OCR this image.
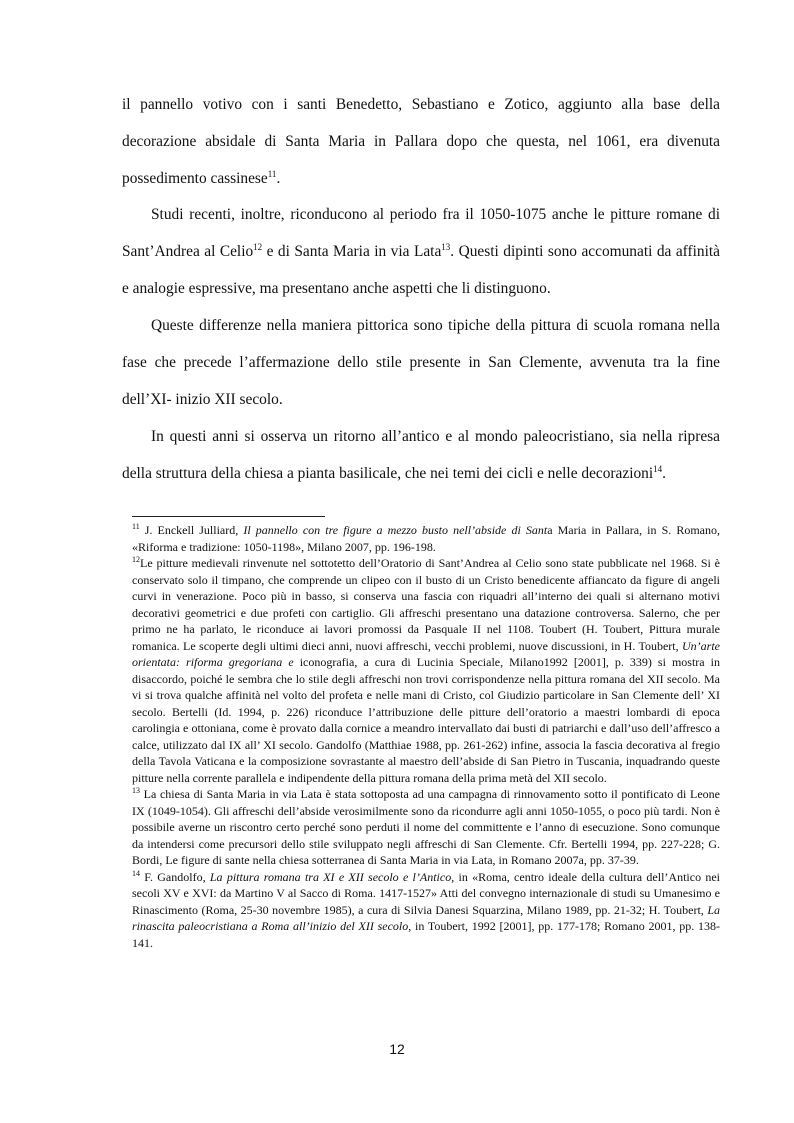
il pannello votivo con i santi Benedetto, Sebastiano e Zotico, aggiunto alla base della decorazione absidale di Santa Maria in Pallara dopo che questa, nel 1061, era divenuta possedimento cassinese$^{11}$.

Studi recenti, inoltre, riconducono al periodo fra il 1050-1075 anche le pitture romane di Sant’Andrea al Celio$^{12}$ e di Santa Maria in via Lata$^{13}$. Questi dipinti sono accomunati da affinità e analogie espressive, ma presentano anche aspetti che li distinguono.

Queste differenze nella maniera pittorica sono tipiche della pittura di scuola romana nella fase che precede l’affermazione dello stile presente in San Clemente, avvenuta tra la fine dell’XI- inizio XII secolo.

In questi anni si osserva un ritorno all’antico e al mondo paleocristiano, sia nella ripresa della struttura della chiesa a pianta basilicale, che nei temi dei cicli e nelle decorazioni$^{14}$.

$^{11}$ J. Enckell Julliard, Il pannello con tre figure a mezzo busto nell’abside di Santa Maria in Pallara, in S. Romano, «Riforma e tradizione: 1050-1198», Milano 2007, pp. 196-198.

$^{12}$Le pitture medievali rinvenute nel sottotetto dell’Oratorio di Sant’Andrea al Celio sono state pubblicate nel 1968. Si è conservato solo il timpano, che comprende un clipeo con il busto di un Cristo benedicente affiancato da figure di angeli curvi in venerazione. Poco più in basso, si conserva una fascia con riquadri all’interno dei quali si alternano motivi decorativi geometrici e due profeti con cartiglio. Gli affreschi presentano una datazione controversa. Salerno, che per primo ne ha parlato, le riconduce ai lavori promossi da Pasquale II nel 1108. Toubert (H. Toubert, Pittura murale romanica. Le scoperte degli ultimi dieci anni, nuovi affreschi, vecchi problemi, nuove discussioni, in H. Toubert, Un’arte orientata: riforma gregoriana e iconografia, a cura di Lucinia Speciale, Milano1992 [2001], p. 339) si mostra in disaccordo, poiché le sembra che lo stile degli affreschi non trovi corrispondenze nella pittura romana del XII secolo. Ma vi si trova qualche affinità nel volto del profeta e nelle mani di Cristo, col Giudizio particolare in San Clemente dell’ XI secolo. Bertelli (Id. 1994, p. 226) riconduce l’attribuzione delle pitture dell’oratorio a maestri lombardi di epoca carolingia e ottoniana, come è provato dalla cornice a meandro intervallato dai busti di patriarchi e dall’uso dell’affresco a calce, utilizzato dal IX all’ XI secolo. Gandolfo (Matthiae 1988, pp. 261-262) infine, associa la fascia decorativa al fregio della Tavola Vaticana e la composizione sovrastante al maestro dell’abside di San Pietro in Tuscania, inquadrando queste pitture nella corrente parallela e indipendente della pittura romana della prima metà del XII secolo.

$^{13}$ La chiesa di Santa Maria in via Lata è stata sottoposta ad una campagna di rinnovamento sotto il pontificato di Leone IX (1049-1054). Gli affreschi dell’abside verosimilmente sono da ricondurre agli anni 1050-1055, o poco più tardi. Non è possibile averne un riscontro certo perché sono perduti il nome del committente e l’anno di esecuzione. Sono comunque da intendersi come precursori dello stile sviluppato negli affreschi di San Clemente. Cfr. Bertelli 1994, pp. 227-228; G. Bordi, Le figure di sante nella chiesa sotterranea di Santa Maria in via Lata, in Romano 2007a, pp. 37-39.

$^{14}$ F. Gandolfo, La pittura romana tra XI e XII secolo e l’Antico, in «Roma, centro ideale della cultura dell’Antico nei secoli XV e XVI: da Martino V al Sacco di Roma. 1417-1527» Atti del convegno internazionale di studi su Umanesimo e Rinascimento (Roma, 25-30 novembre 1985), a cura di Silvia Danesi Squarzina, Milano 1989, pp. 21-32; H. Toubert, La rinascita paleocristiana a Roma all’inizio del XII secolo, in Toubert, 1992 [2001], pp. 177-178; Romano 2001, pp. 138-141.

12
